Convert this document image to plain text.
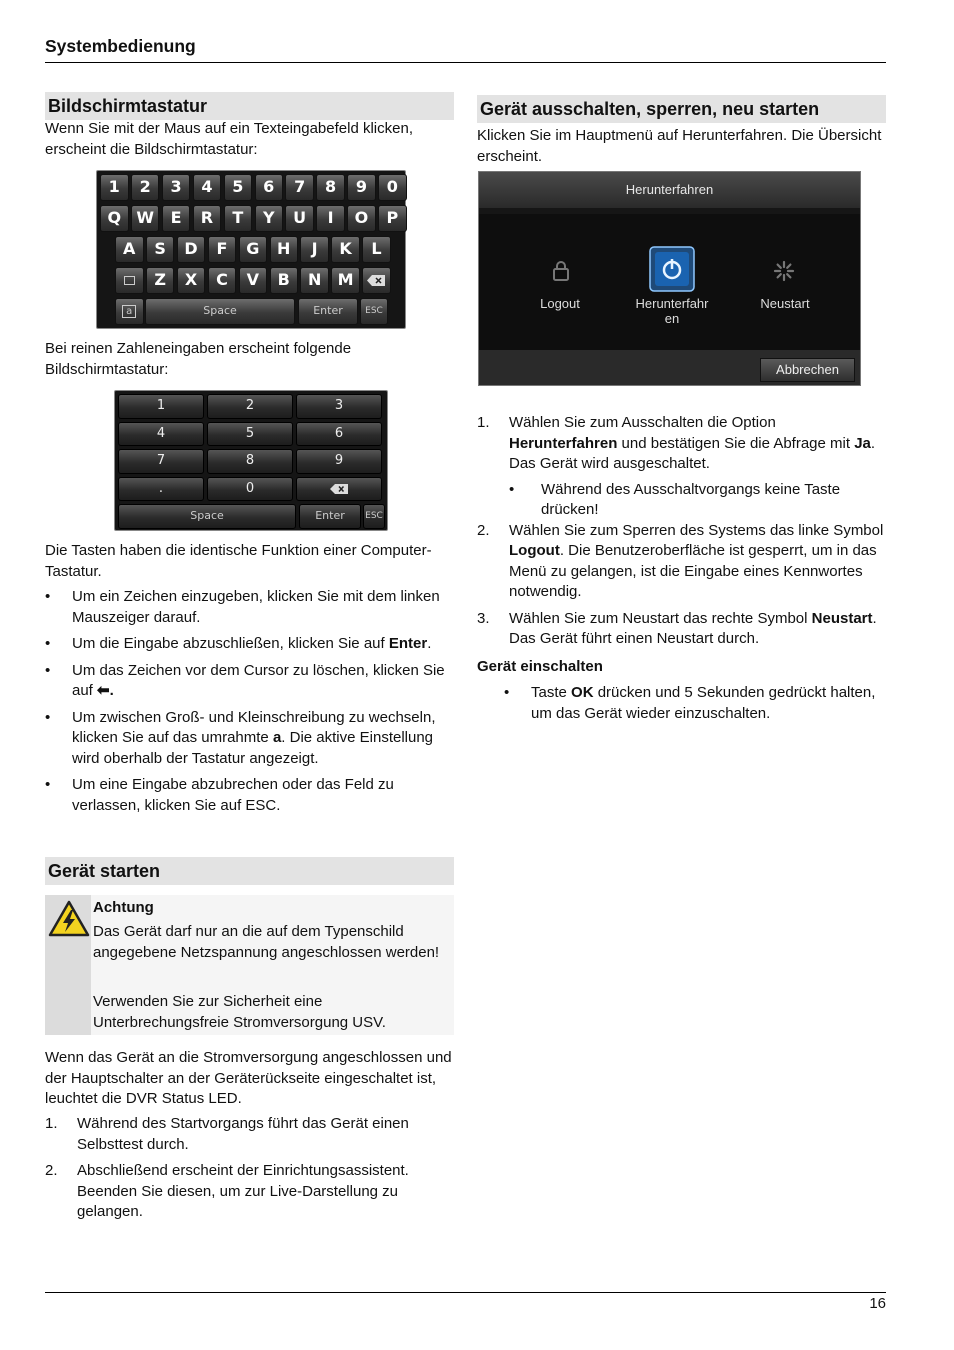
Systembedienung
16
Bildschirmtastatur
Wenn Sie mit der Maus auf ein Texteingabefeld klicken, erscheint die Bildschirmtastatur:
1	2	3	4	5	6	7	8	9	0
Q W	E	R	T	Y	U	I	O	P
A	S	D	F	G	H	J	K	L
Z	X	C	V	B	N	M
a	Space	Enter	ESC
Bei reinen Zahleneingaben erscheint folgende Bildschirmtastatur:
1	2	3
4	5	6
7	8	9
.	0
Space	Enter	ESC
Die Tasten haben die identische Funktion einer Computer-Tastatur.
• Um ein Zeichen einzugeben, klicken Sie mit dem linken Mauszeiger darauf.
• Um die Eingabe abzuschließen, klicken Sie auf Enter.
• Um das Zeichen vor dem Cursor zu löschen, klicken Sie auf ⬅.
• Um zwischen Groß- und Kleinschreibung zu wechseln, klicken Sie auf das umrahmte a. Die aktive Einstellung wird oberhalb der Tastatur angezeigt.
• Um eine Eingabe abzubrechen oder das Feld zu verlassen, klicken Sie auf ESC.
Gerät starten
Achtung
Das Gerät darf nur an die auf dem Typenschild angegebene Netzspannung angeschlossen werden!
Verwenden Sie zur Sicherheit eine Unterbrechungsfreie Stromversorgung USV.
Wenn das Gerät an die Stromversorgung angeschlossen und der Hauptschalter an der Geräterückseite eingeschaltet ist, leuchtet die DVR Status LED.
1. Während des Startvorgangs führt das Gerät einen Selbsttest durch.
2. Abschließend erscheint der Einrichtungsassistent. Beenden Sie diesen, um zur Live-Darstellung zu gelangen.
Gerät ausschalten, sperren, neu starten
Klicken Sie im Hauptmenü auf Herunterfahren. Die Übersicht erscheint.
Herunterfahren
Logout	Herunterfahr
en
Neustart
Abbrechen
1. Wählen Sie zum Ausschalten die Option Herunterfahren und bestätigen Sie die Abfrage mit Ja. Das Gerät wird ausgeschaltet.
• Während des Ausschaltvorgangs keine Taste drücken!
2. Wählen Sie zum Sperren des Systems das linke Symbol Logout. Die Benutzeroberfläche ist gesperrt, um in das Menü zu gelangen, ist die Eingabe eines Kennwortes notwendig.
3. Wählen Sie zum Neustart das rechte Symbol Neustart. Das Gerät führt einen Neustart durch.
Gerät einschalten
• Taste OK drücken und 5 Sekunden gedrückt halten, um das Gerät wieder einzuschalten.
